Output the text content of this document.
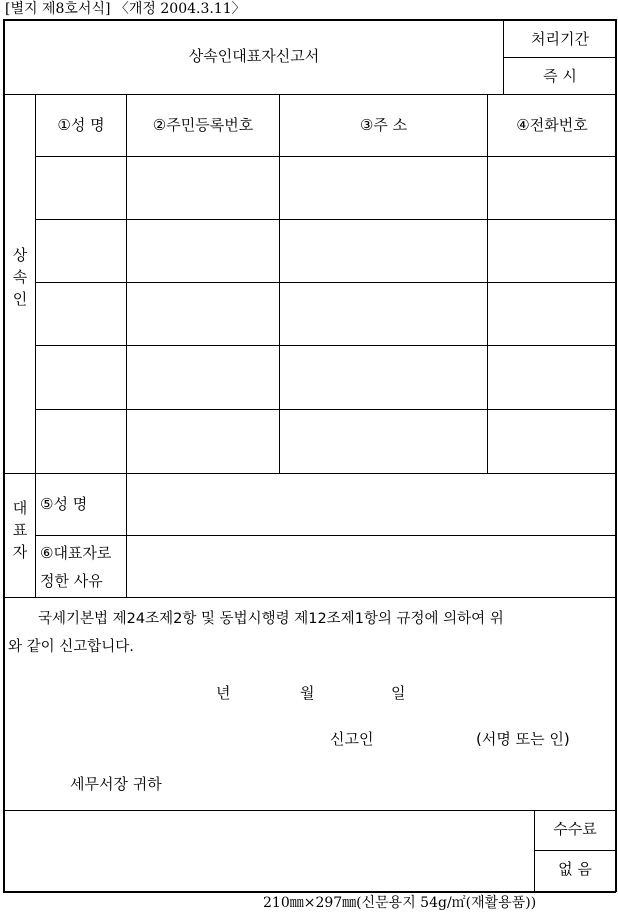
[별지 제8호서식] 〈개정 2004.3.11〉
상속인대표자신고서
처리기간
즉 시
상
속
인
①성 명	②주민등록번호	③주 소	④전화번호
대
표
자
⑤성 명
⑥대표자로
정한 사유
국세기본법 제24조제2항 및 동법시행령 제12조제1항의 규정에 의하여 위
와 같이 신고합니다.
년	월	일
신고인	(서명 또는 인)
세무서장 귀하
수수료
없 음
210㎜×297㎜(신문용지 54g/㎡(재활용품))
